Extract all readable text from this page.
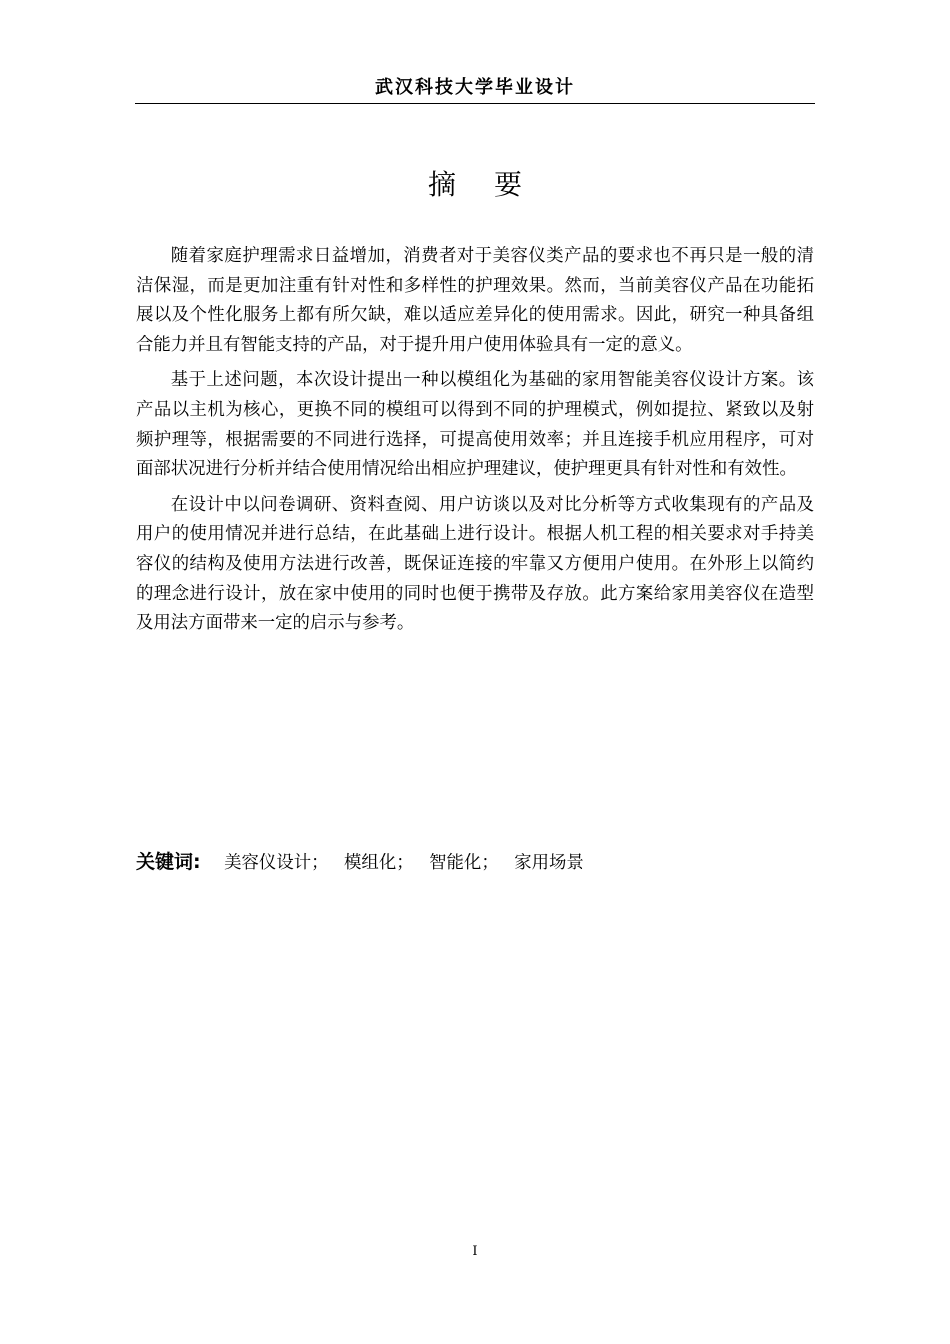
武汉科技大学毕业设计
摘 要

随着家庭护理需求日益增加，消费者对于美容仪类产品的要求也不再只是一般的清洁保湿，而是更加注重有针对性和多样性的护理效果。然而，当前美容仪产品在功能拓展以及个性化服务上都有所欠缺，难以适应差异化的使用需求。因此，研究一种具备组合能力并且有智能支持的产品，对于提升用户使用体验具有一定的意义。

基于上述问题，本次设计提出一种以模组化为基础的家用智能美容仪设计方案。该产品以主机为核心，更换不同的模组可以得到不同的护理模式，例如提拉、紧致以及射频护理等，根据需要的不同进行选择，可提高使用效率；并且连接手机应用程序，可对面部状况进行分析并结合使用情况给出相应护理建议，使护理更具有针对性和有效性。

在设计中以问卷调研、资料查阅、用户访谈以及对比分析等方式收集现有的产品及用户的使用情况并进行总结，在此基础上进行设计。根据人机工程的相关要求对手持美容仪的结构及使用方法进行改善，既保证连接的牢靠又方便用户使用。在外形上以简约的理念进行设计，放在家中使用的同时也便于携带及存放。此方案给家用美容仪在造型及用法方面带来一定的启示与参考。

关键词: 美容仪设计； 模组化； 智能化； 家用场景
I
